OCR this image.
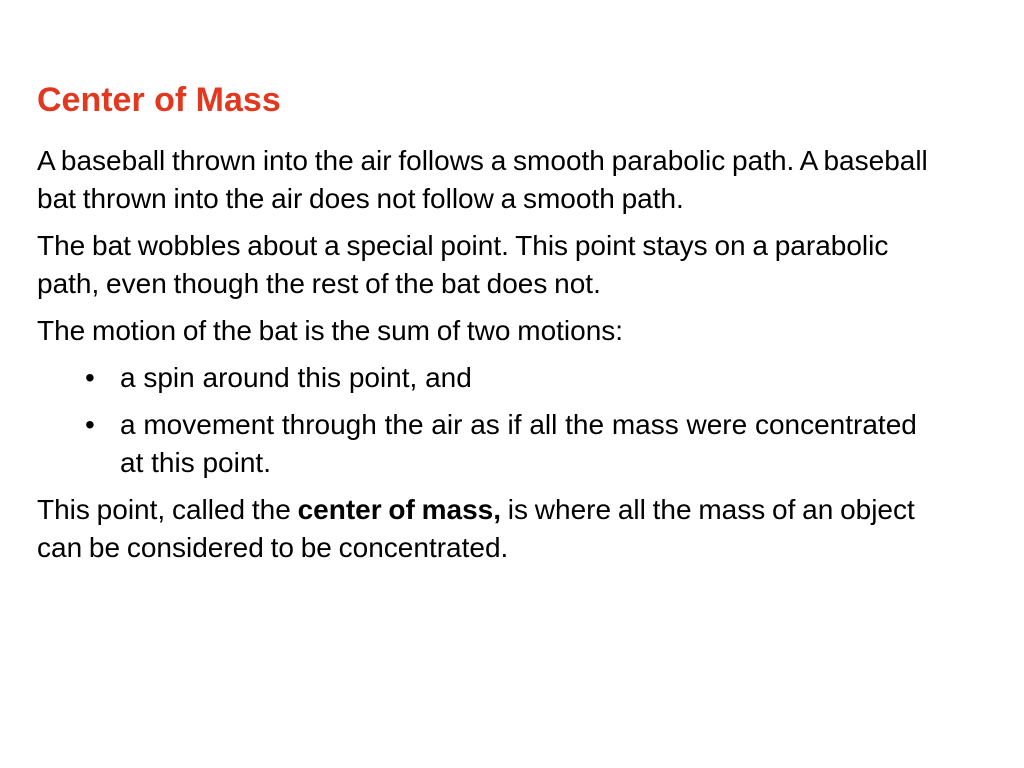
Center of Mass

A baseball thrown into the air follows a smooth parabolic path. A baseball bat thrown into the air does not follow a smooth path.

The bat wobbles about a special point. This point stays on a parabolic path, even though the rest of the bat does not.

The motion of the bat is the sum of two motions:

• a spin around this point, and
• a movement through the air as if all the mass were concentrated at this point.

This point, called the center of mass, is where all the mass of an object can be considered to be concentrated.
